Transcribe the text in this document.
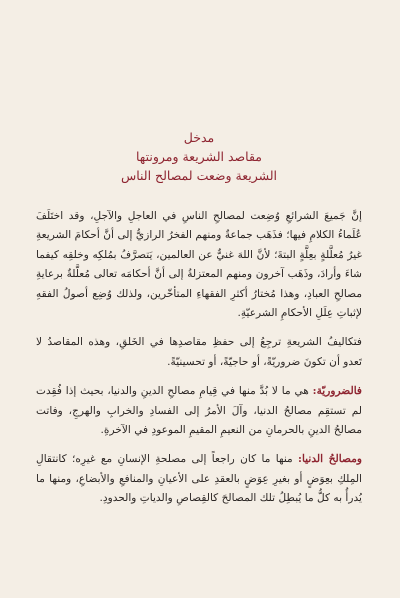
مدخل
مقاصد الشريعة ومرونتها
الشريعة وضعت لمصالح الناس

إنَّ جَميعَ الشرائعِ وُضِعت لمصالحِ الناسِ في العاجلِ والآجلِ، وقد اختَلَفَ عُلَماءُ الكلامِ فيها؛ فذَهَب جماعةٌ ومنهم الفخرُ الرازيُّ إلى أنَّ أحكامَ الشريعةِ غيرُ مُعلَّلةٍ بعِلَّةٍ البتةَ؛ لأنَّ اللهَ غنيٌّ عن العالمين، يَتصرَّفُ بمُلكِه وخلقِه كيفما شاءَ وأرادَ، وذَهَب آخرون ومنهم المعتزلةُ إلى أنَّ أحكامَه تعالى مُعلَّلةٌ برعايةِ مصالحِ العبادِ، وهذا مُختارُ أكثرِ الفقهاءِ المتأخّرين، ولذلك وُضِع أصولُ الفقهِ لإثباتِ عِلَلِ الأحكامِ الشرعيّةِ.

فتكاليفُ الشريعةِ ترجِعُ إلى حفظِ مقاصدِها في الخَلقِ، وهذه المقاصدُ لا تَعدو أن تكونَ ضروريّةً، أو حاجيّةً، أو تحسينيّةً.

فالضروريّة: هي ما لا بُدَّ منها في قِيامِ مصالحِ الدينِ والدنيا، بحيث إذا فُقِدت لم تستقِم مصالحُ الدنيا، وآلَ الأمرُ إلى الفسادِ والخرابِ والهرجِ، وفاتت مصالحُ الدينِ بالحرمانِ من النعيمِ المقيمِ الموعودِ في الآخرةِ.

ومصالحُ الدنيا: منها ما كان راجعاً إلى مصلحةِ الإنسانِ مع غيرِه؛ كانتقالِ المِلكِ بعِوَضٍ أو بغيرِ عِوَضٍ بالعقدِ على الأعيانِ والمنافعِ والأبضاعِ، ومنها ما يُدرأُ به كلُّ ما يُبطِلُ تلك المصالحَ كالقِصاصِ والدياتِ والحدودِ.
